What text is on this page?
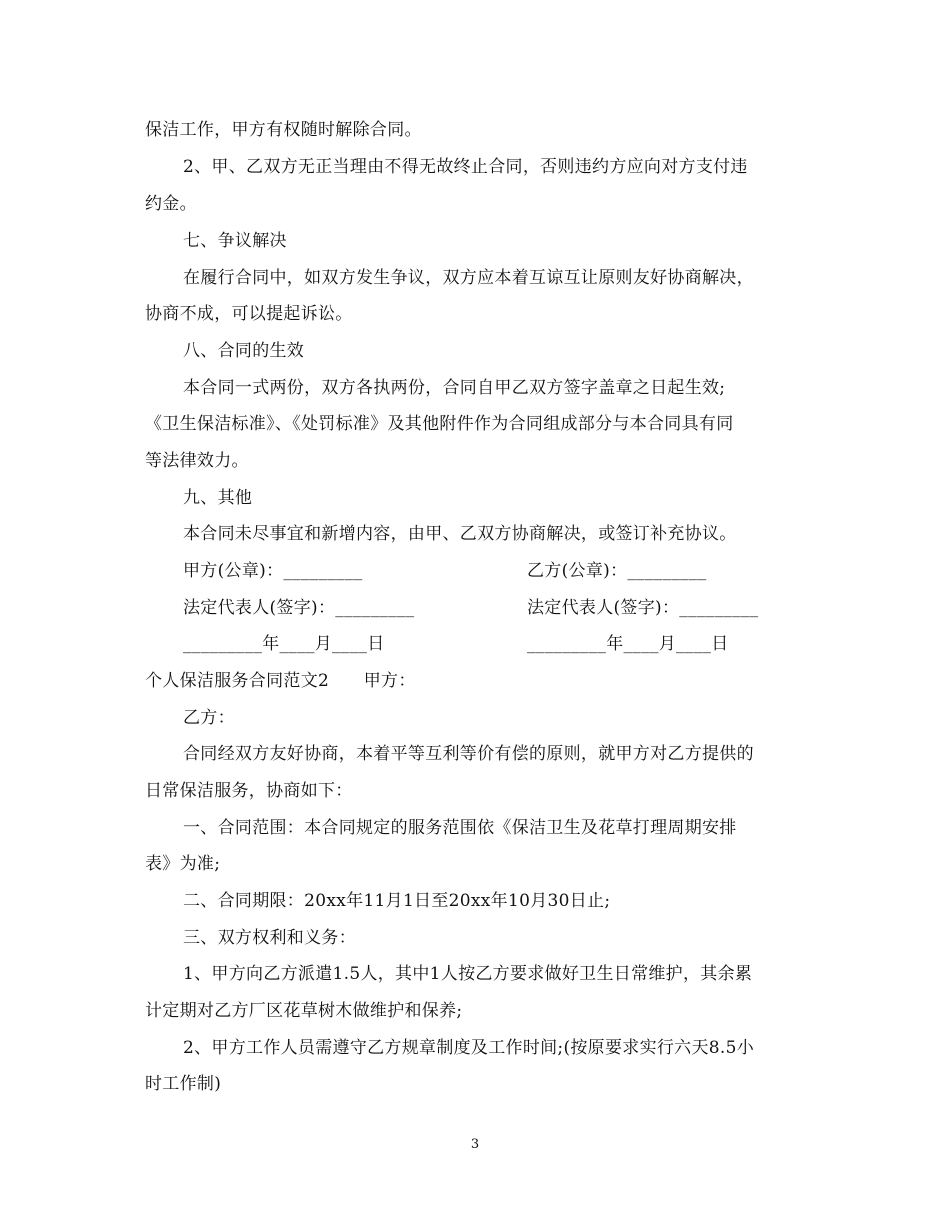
保洁工作，甲方有权随时解除合同。
2、甲、乙双方无正当理由不得无故终止合同，否则违约方应向对方支付违
约金。
七、争议解决
在履行合同中，如双方发生争议，双方应本着互谅互让原则友好协商解决，
协商不成，可以提起诉讼。
八、合同的生效
本合同一式两份，双方各执两份，合同自甲乙双方签字盖章之日起生效;
《卫生保洁标准》、《处罚标准》及其他附件作为合同组成部分与本合同具有同
等法律效力。
九、其他
本合同未尽事宜和新增内容，由甲、乙双方协商解决，或签订补充协议。
甲方(公章)：_________	乙方(公章)：_________
法定代表人(签字)：_________	法定代表人(签字)：_________
_________年____月____日	_________年____月____日
个人保洁服务合同范文2　　甲方：
乙方：
合同经双方友好协商，本着平等互利等价有偿的原则，就甲方对乙方提供的
日常保洁服务，协商如下：
一、合同范围：本合同规定的服务范围依《保洁卫生及花草打理周期安排
表》为准;
二、合同期限：20xx年11月1日至20xx年10月30日止;
三、双方权利和义务：
1、甲方向乙方派遣1.5人，其中1人按乙方要求做好卫生日常维护，其余累
计定期对乙方厂区花草树木做维护和保养;
2、甲方工作人员需遵守乙方规章制度及工作时间;(按原要求实行六天8.5小
时工作制)
3
